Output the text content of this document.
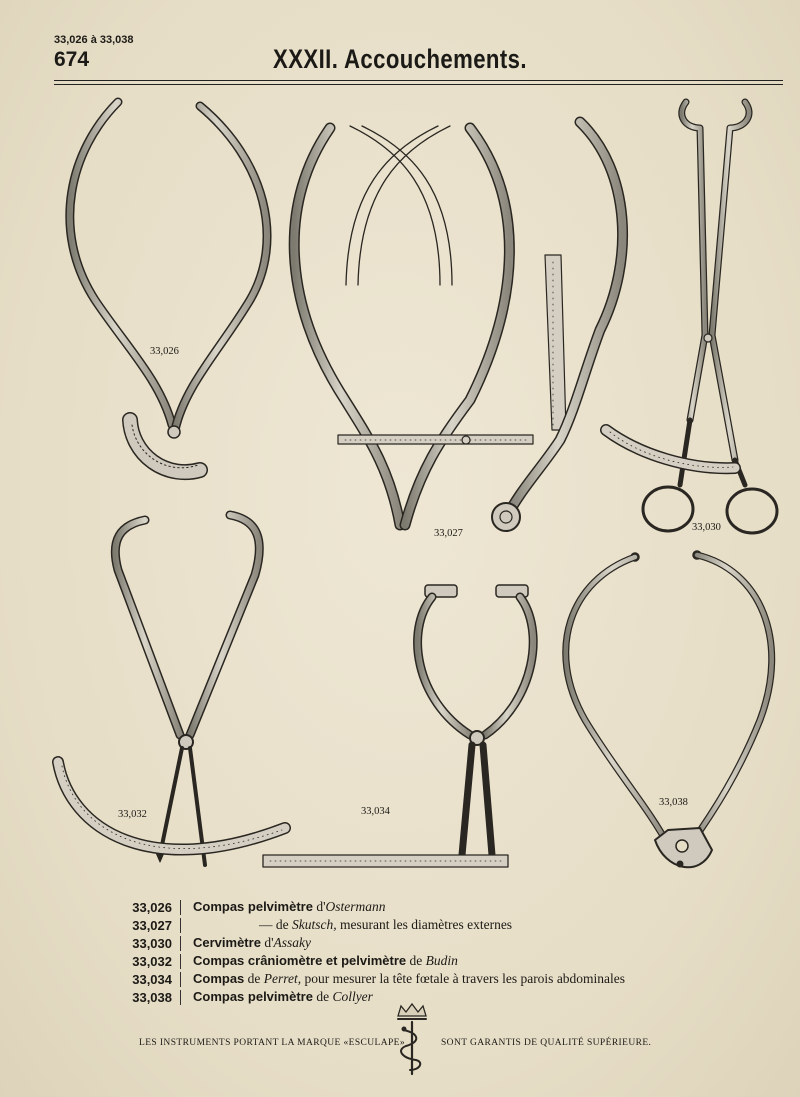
33,026 à 33,038
674	XXXII. Accouchements.
33,026
33,027
33,030
33,032	33,034
33,038
33,026	Compas pelvimètre d'Ostermann
33,027	— de Skutsch, mesurant les diamètres externes
33,030	Cervimètre d'Assaky
33,032	Compas crâniomètre et pelvimètre de Budin
33,034	Compas de Perret, pour mesurer la tête fœtale à travers les parois abdominales
33,038	Compas pelvimètre de Collyer
LES INSTRUMENTS PORTANT LA MARQUE «ESCULAPE»	SONT GARANTIS DE QUALITÉ SUPÉRIEURE.
